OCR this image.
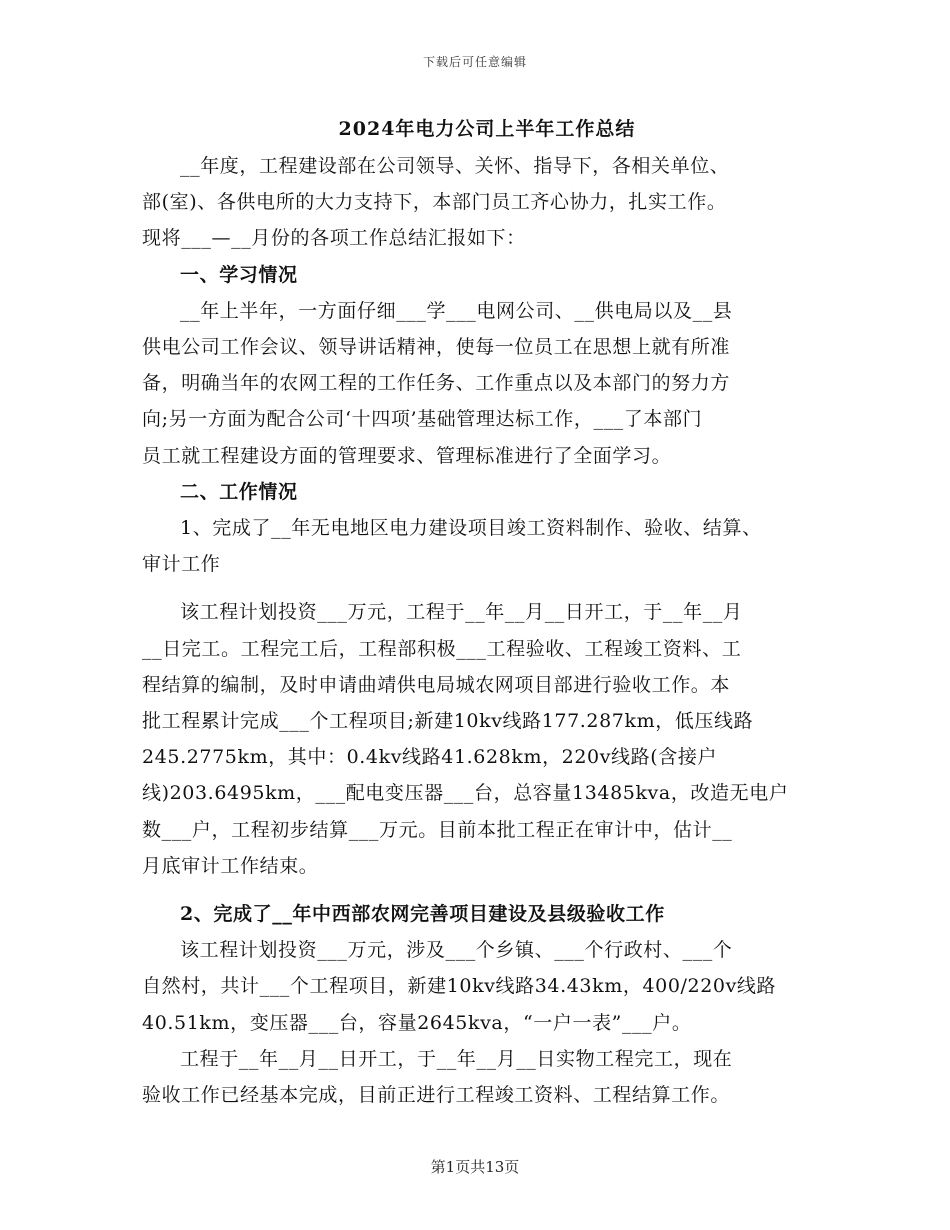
下载后可任意编辑
2024年电力公司上半年工作总结

__年度，工程建设部在公司领导、关怀、指导下，各相关单位、
部(室)、各供电所的大力支持下，本部门员工齐心协力，扎实工作。
现将___—__月份的各项工作总结汇报如下：

一、学习情况

__年上半年，一方面仔细___学___电网公司、__供电局以及__县
供电公司工作会议、领导讲话精神，使每一位员工在思想上就有所准
备，明确当年的农网工程的工作任务、工作重点以及本部门的努力方
向;另一方面为配合公司‘十四项’基础管理达标工作，___了本部门
员工就工程建设方面的管理要求、管理标准进行了全面学习。

二、工作情况

1、完成了__年无电地区电力建设项目竣工资料制作、验收、结算、
审计工作

该工程计划投资___万元，工程于__年__月__日开工，于__年__月
__日完工。工程完工后，工程部积极___工程验收、工程竣工资料、工
程结算的编制，及时申请曲靖供电局城农网项目部进行验收工作。本
批工程累计完成___个工程项目;新建10kv线路177.287km，低压线路
245.2775km，其中：0.4kv线路41.628km，220v线路(含接户
线)203.6495km，___配电变压器___台，总容量13485kva，改造无电户
数___户，工程初步结算___万元。目前本批工程正在审计中，估计__
月底审计工作结束。

2、完成了__年中西部农网完善项目建设及县级验收工作

该工程计划投资___万元，涉及___个乡镇、___个行政村、___个
自然村，共计___个工程项目，新建10kv线路34.43km，400/220v线路
40.51km，变压器___台，容量2645kva，“一户一表”___户。

工程于__年__月__日开工，于__年__月__日实物工程完工，现在
验收工作已经基本完成，目前正进行工程竣工资料、工程结算工作。

第1页共13页
